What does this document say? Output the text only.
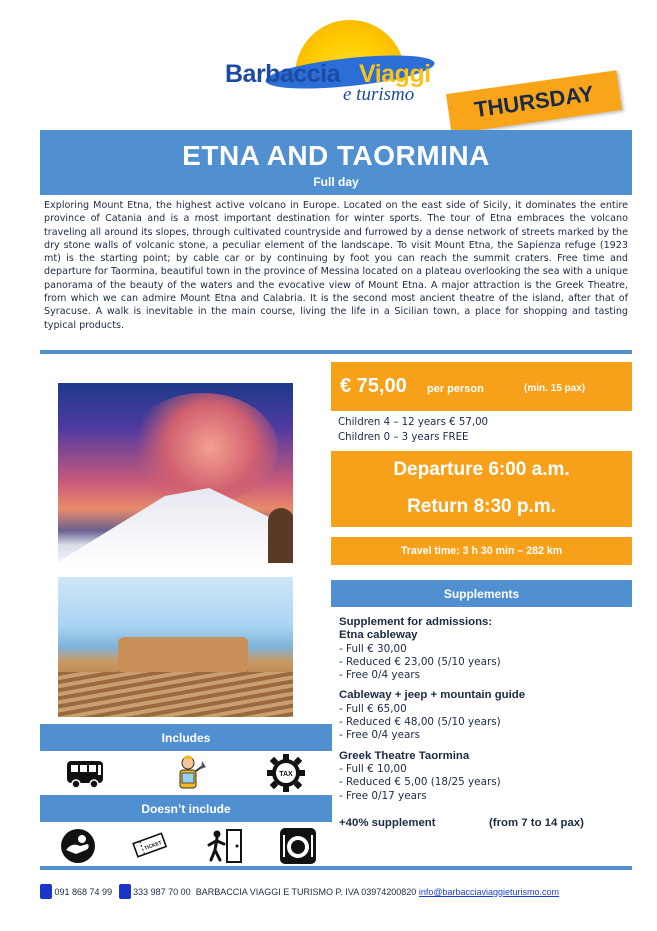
Barbaccia Viaggi
e turismo	THURSDAY
ETNA AND TAORMINA
Full day
Exploring Mount Etna, the highest active volcano in Europe. Located on the east side of Sicily, it dominates the entire province of Catania and is a most important destination for winter sports. The tour of Etna embraces the volcano traveling all around its slopes, through cultivated countryside and furrowed by a dense network of streets marked by the dry stone walls of volcanic stone, a peculiar element of the landscape. To visit Mount Etna, the Sapienza refuge (1923 mt) is the starting point; by cable car or by continuing by foot you can reach the summit craters. Free time and departure for Taormina, beautiful town in the province of Messina located on a plateau overlooking the sea with a unique panorama of the beauty of the waters and the evocative view of Mount Etna. A major attraction is the Greek Theatre, from which we can admire Mount Etna and Calabria. It is the second most ancient theatre of the island, after that of Syracuse. A walk is inevitable in the main course, living the life in a Sicilian town, a place for shopping and tasting typical products.
Includes
TAX
Doesn’t include
TICKET
€ 75,00 per person	(min. 15 pax)
Children 4 – 12 years € 57,00
Children 0 – 3 years FREE
Departure 6:00 a.m.
Return 8:30 p.m.
Travel time: 3 h 30 min – 282 km
Supplements
Supplement for admissions:
Etna cableway
- Full € 30,00
- Reduced € 23,00 (5/10 years)
- Free 0/4 years
Cableway + jeep + mountain guide
- Full € 65,00
- Reduced € 48,00 (5/10 years)
- Free 0/4 years
Greek Theatre Taormina
- Full € 10,00
- Reduced € 5,00 (18/25 years)
- Free 0/17 years
+40% supplement	(from 7 to 14 pax)
091 868 74 99 333 987 70 00 BARBACCIA VIAGGI E TURISMO P. IVA 03974200820 info@barbacciaviaggieturismo.com
